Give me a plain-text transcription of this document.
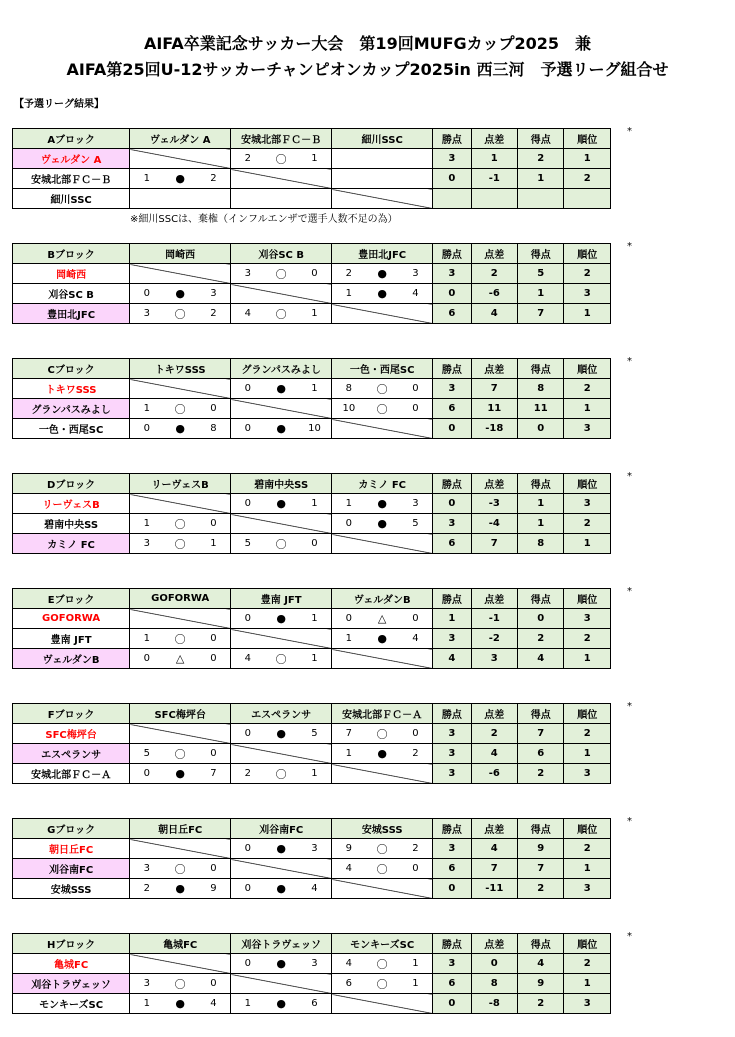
AIFA卒業記念サッカー大会　第19回MUFGカップ2025　兼
AIFA第25回U-12サッカーチャンピオンカップ2025in 西三河　予選リーグ組合せ
【予選リーグ結果】
Aブロック	ヴェルダン A	安城北部ＦＣ－Ｂ	細川SSC	勝点	点差	得点	順位
ヴェルダン A		2 〇 1		3	1	2	1
安城北部ＦＣ－Ｂ	1 ● 2			0	-1	1	2
細川SSC	

*
※細川SSCは、棄権（インフルエンザで選手人数不足の為）
Bブロック	岡崎西	刈谷SC B	豊田北JFC	勝点	点差	得点	順位
岡崎西		3 〇 0	2 ● 3	3	2	5	2
刈谷SC B	0 ● 3		1 ● 4	0	-6	1	3
豊田北JFC	3 〇 2	4 〇 1		6	4	7	1
*
Cブロック	トキワSSS	グランパスみよし	一色・西尾SC	勝点	点差	得点	順位
トキワSSS		0 ● 1	8 〇 0	3	7	8	2
グランパスみよし	1 〇 0		10 〇 0	6	11	11	1
一色・西尾SC	0 ● 8	0 ● 10		0	-18	0	3
*
Dブロック	リーヴェスB	碧南中央SS	カミノ FC	勝点	点差	得点	順位
リーヴェスB		0 ● 1	1 ● 3	0	-3	1	3
碧南中央SS	1 〇 0		0 ● 5	3	-4	1	2
カミノ FC	3 〇 1	5 〇 0		6	7	8	1
*
Eブロック	GOFORWA	豊南 JFT	ヴェルダンB	勝点	点差	得点	順位
GOFORWA		0 ● 1	0 △ 0	1	-1	0	3
豊南 JFT	1 〇 0		1 ● 4	3	-2	2	2
ヴェルダンB	0 △ 0	4 〇 1		4	3	4	1
*
Fブロック	SFC梅坪台	エスペランサ	安城北部ＦＣ－Ａ	勝点	点差	得点	順位
SFC梅坪台		0 ● 5	7 〇 0	3	2	7	2
エスペランサ	5 〇 0		1 ● 2	3	4	6	1
安城北部ＦＣ－Ａ	0 ● 7	2 〇 1		3	-6	2	3
*
Gブロック	朝日丘FC	刈谷南FC	安城SSS	勝点	点差	得点	順位
朝日丘FC		0 ● 3	9 〇 2	3	4	9	2
刈谷南FC	3 〇 0		4 〇 0	6	7	7	1
安城SSS	2 ● 9	0 ● 4		0	-11	2	3
*
Hブロック	亀城FC	刈谷トラヴェッソ	モンキーズSC	勝点	点差	得点	順位
亀城FC		0 ● 3	4 〇 1	3	0	4	2
刈谷トラヴェッソ	3 〇 0		6 〇 1	6	8	9	1
モンキーズSC	1 ● 4	1 ● 6		0	-8	2	3
*
